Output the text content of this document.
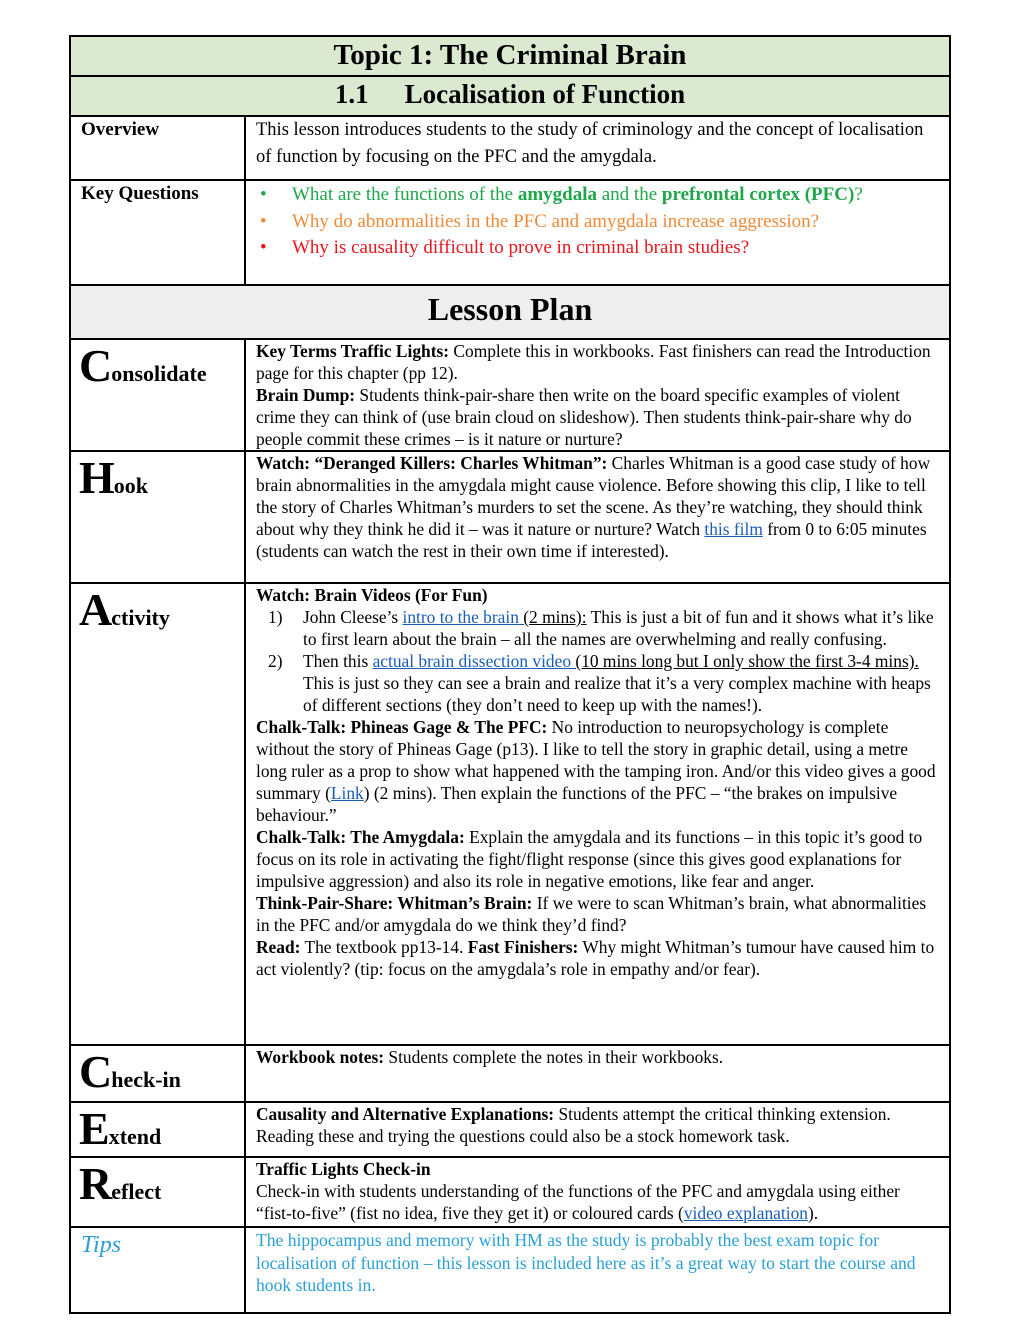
Topic 1: The Criminal Brain
1.1 Localisation of Function
Overview	This lesson introduces students to the study of criminology and the concept of localisation of function by focusing on the PFC and the amygdala.
Key Questions
•	What are the functions of the amygdala and the prefrontal cortex (PFC)?
• Why do abnormalities in the PFC and amygdala increase aggression?
• Why is causality difficult to prove in criminal brain studies?
Lesson Plan
Consolidate
Key Terms Traffic Lights: Complete this in workbooks. Fast finishers can read the Introduction page for this chapter (pp 12).
Brain Dump: Students think-pair-share then write on the board specific examples of violent crime they can think of (use brain cloud on slideshow). Then students think-pair-share why do people commit these crimes – is it nature or nurture?
Hook
Watch: “Deranged Killers: Charles Whitman”: Charles Whitman is a good case study of how brain abnormalities in the amygdala might cause violence. Before showing this clip, I like to tell the story of Charles Whitman’s murders to set the scene. As they’re watching, they should think about why they think he did it – was it nature or nurture? Watch this film from 0 to 6:05 minutes (students can watch the rest in their own time if interested).
Activity
Watch: Brain Videos (For Fun)
1) John Cleese’s intro to the brain (2 mins): This is just a bit of fun and it shows what it’s like to first learn about the brain – all the names are overwhelming and really confusing.
2) Then this actual brain dissection video (10 mins long but I only show the first 3-4 mins). This is just so they can see a brain and realize that it’s a very complex machine with heaps of different sections (they don’t need to keep up with the names!).
Chalk-Talk: Phineas Gage & The PFC: No introduction to neuropsychology is complete without the story of Phineas Gage (p13). I like to tell the story in graphic detail, using a metre long ruler as a prop to show what happened with the tamping iron. And/or this video gives a good summary (Link) (2 mins). Then explain the functions of the PFC – “the brakes on impulsive behaviour.”
Chalk-Talk: The Amygdala: Explain the amygdala and its functions – in this topic it’s good to focus on its role in activating the fight/flight response (since this gives good explanations for impulsive aggression) and also its role in negative emotions, like fear and anger.
Think-Pair-Share: Whitman’s Brain: If we were to scan Whitman’s brain, what abnormalities in the PFC and/or amygdala do we think they’d find?
Read: The textbook pp13-14. Fast Finishers: Why might Whitman’s tumour have caused him to act violently? (tip: focus on the amygdala’s role in empathy and/or fear).
Check-in
Workbook notes: Students complete the notes in their workbooks.
Extend
Causality and Alternative Explanations: Students attempt the critical thinking extension. Reading these and trying the questions could also be a stock homework task.
Reflect
Traffic Lights Check-in
Check-in with students understanding of the functions of the PFC and amygdala using either “fist-to-five” (fist no idea, five they get it) or coloured cards (video explanation).
Tips	The hippocampus and memory with HM as the study is probably the best exam topic for localisation of function – this lesson is included here as it’s a great way to start the course and hook students in.
